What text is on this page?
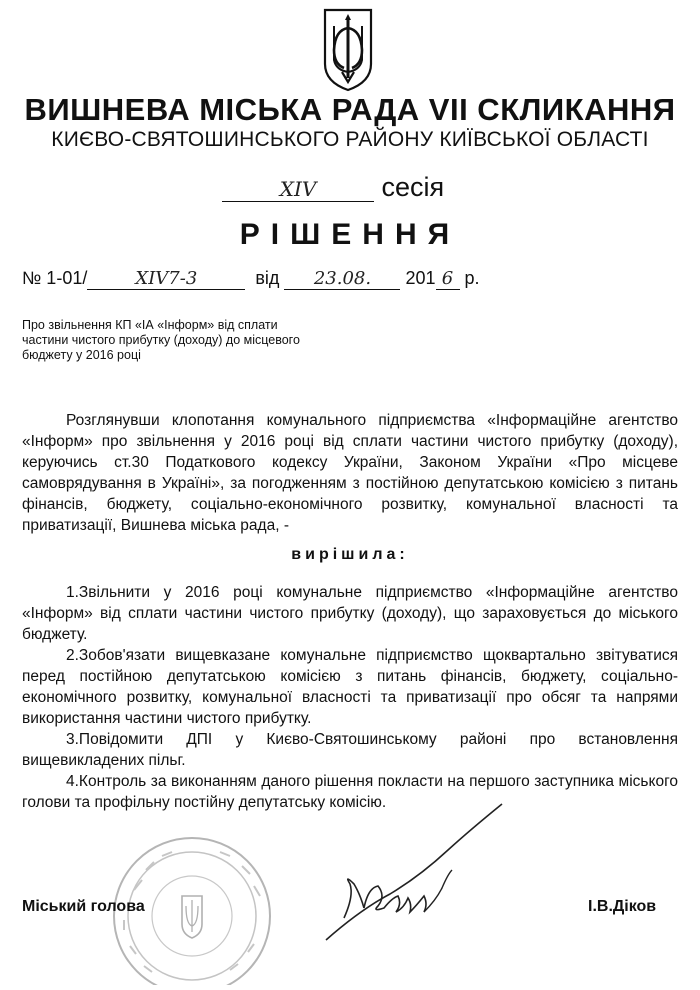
ВИШНЕВА МІСЬКА РАДА VII СКЛИКАННЯ
КИЄВО-СВЯТОШИНСЬКОГО РАЙОНУ КИЇВСЬКОЇ ОБЛАСТІ
XIV сесія
РІШЕННЯ
№ 1-01/	XIV7-3	від 23.08. 201 6 р.
Про звільнення КП «ІА «Інформ» від сплати частини чистого прибутку (доходу) до місцевого бюджету у 2016 році

Розглянувши клопотання комунального підприємства «Інформаційне агентство «Інформ» про звільнення у 2016 році від сплати частини чистого прибутку (доходу), керуючись ст.30 Податкового кодексу України, Законом України «Про місцеве самоврядування в Україні», за погодженням з постійною депутатською комісією з питань фінансів, бюджету, соціально-економічного розвитку, комунальної власності та приватизації, Вишнева міська рада, -

вирішила:

1.Звільнити у 2016 році комунальне підприємство «Інформаційне агентство «Інформ» від сплати частини чистого прибутку (доходу), що зараховується до міського бюджету.

2.Зобов'язати вищевказане комунальне підприємство щоквартально звітуватися перед постійною депутатською комісією з питань фінансів, бюджету, соціально-економічного розвитку, комунальної власності та приватизації про обсяг та напрями використання частини чистого прибутку.

3.Повідомити ДПІ у Києво-Святошинському районі про встановлення вищевикладених пільг.

4.Контроль за виконанням даного рішення покласти на першого заступника міського голови та профільну постійну депутатську комісію.

Міський голова	І.В.Діков
